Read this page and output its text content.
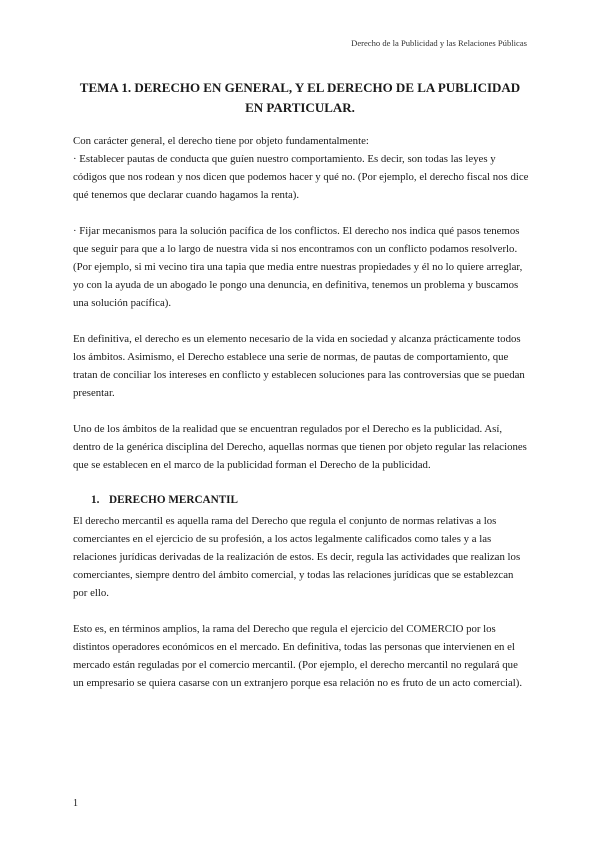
Derecho de la Publicidad y las Relaciones Públicas
TEMA 1. DERECHO EN GENERAL, Y EL DERECHO DE LA PUBLICIDAD
EN PARTICULAR.
Con carácter general, el derecho tiene por objeto fundamentalmente:
· Establecer pautas de conducta que guíen nuestro comportamiento. Es decir, son todas las leyes y códigos que nos rodean y nos dicen que podemos hacer y qué no. (Por ejemplo, el derecho fiscal nos dice qué tenemos que declarar cuando hagamos la renta).

· Fijar mecanismos para la solución pacífica de los conflictos. El derecho nos indica qué pasos tenemos que seguir para que a lo largo de nuestra vida si nos encontramos con un conflicto podamos resolverlo. (Por ejemplo, si mi vecino tira una tapia que media entre nuestras propiedades y él no lo quiere arreglar, yo con la ayuda de un abogado le pongo una denuncia, en definitiva, tenemos un problema y buscamos una solución pacífica).

En definitiva, el derecho es un elemento necesario de la vida en sociedad y alcanza prácticamente todos los ámbitos. Asimismo, el Derecho establece una serie de normas, de pautas de comportamiento, que tratan de conciliar los intereses en conflicto y establecen soluciones para las controversias que se puedan presentar.

Uno de los ámbitos de la realidad que se encuentran regulados por el Derecho es la publicidad. Así, dentro de la genérica disciplina del Derecho, aquellas normas que tienen por objeto regular las relaciones que se establecen en el marco de la publicidad forman el Derecho de la publicidad.

1. DERECHO MERCANTIL

El derecho mercantil es aquella rama del Derecho que regula el conjunto de normas relativas a los comerciantes en el ejercicio de su profesión, a los actos legalmente calificados como tales y a las relaciones jurídicas derivadas de la realización de estos. Es decir, regula las actividades que realizan los comerciantes, siempre dentro del ámbito comercial, y todas las relaciones jurídicas que se establezcan por ello.

Esto es, en términos amplios, la rama del Derecho que regula el ejercicio del COMERCIO por los distintos operadores económicos en el mercado. En definitiva, todas las personas que intervienen en el mercado están reguladas por el comercio mercantil. (Por ejemplo, el derecho mercantil no regulará que un empresario se quiera casarse con un extranjero porque esa relación no es fruto de un acto comercial).

1
